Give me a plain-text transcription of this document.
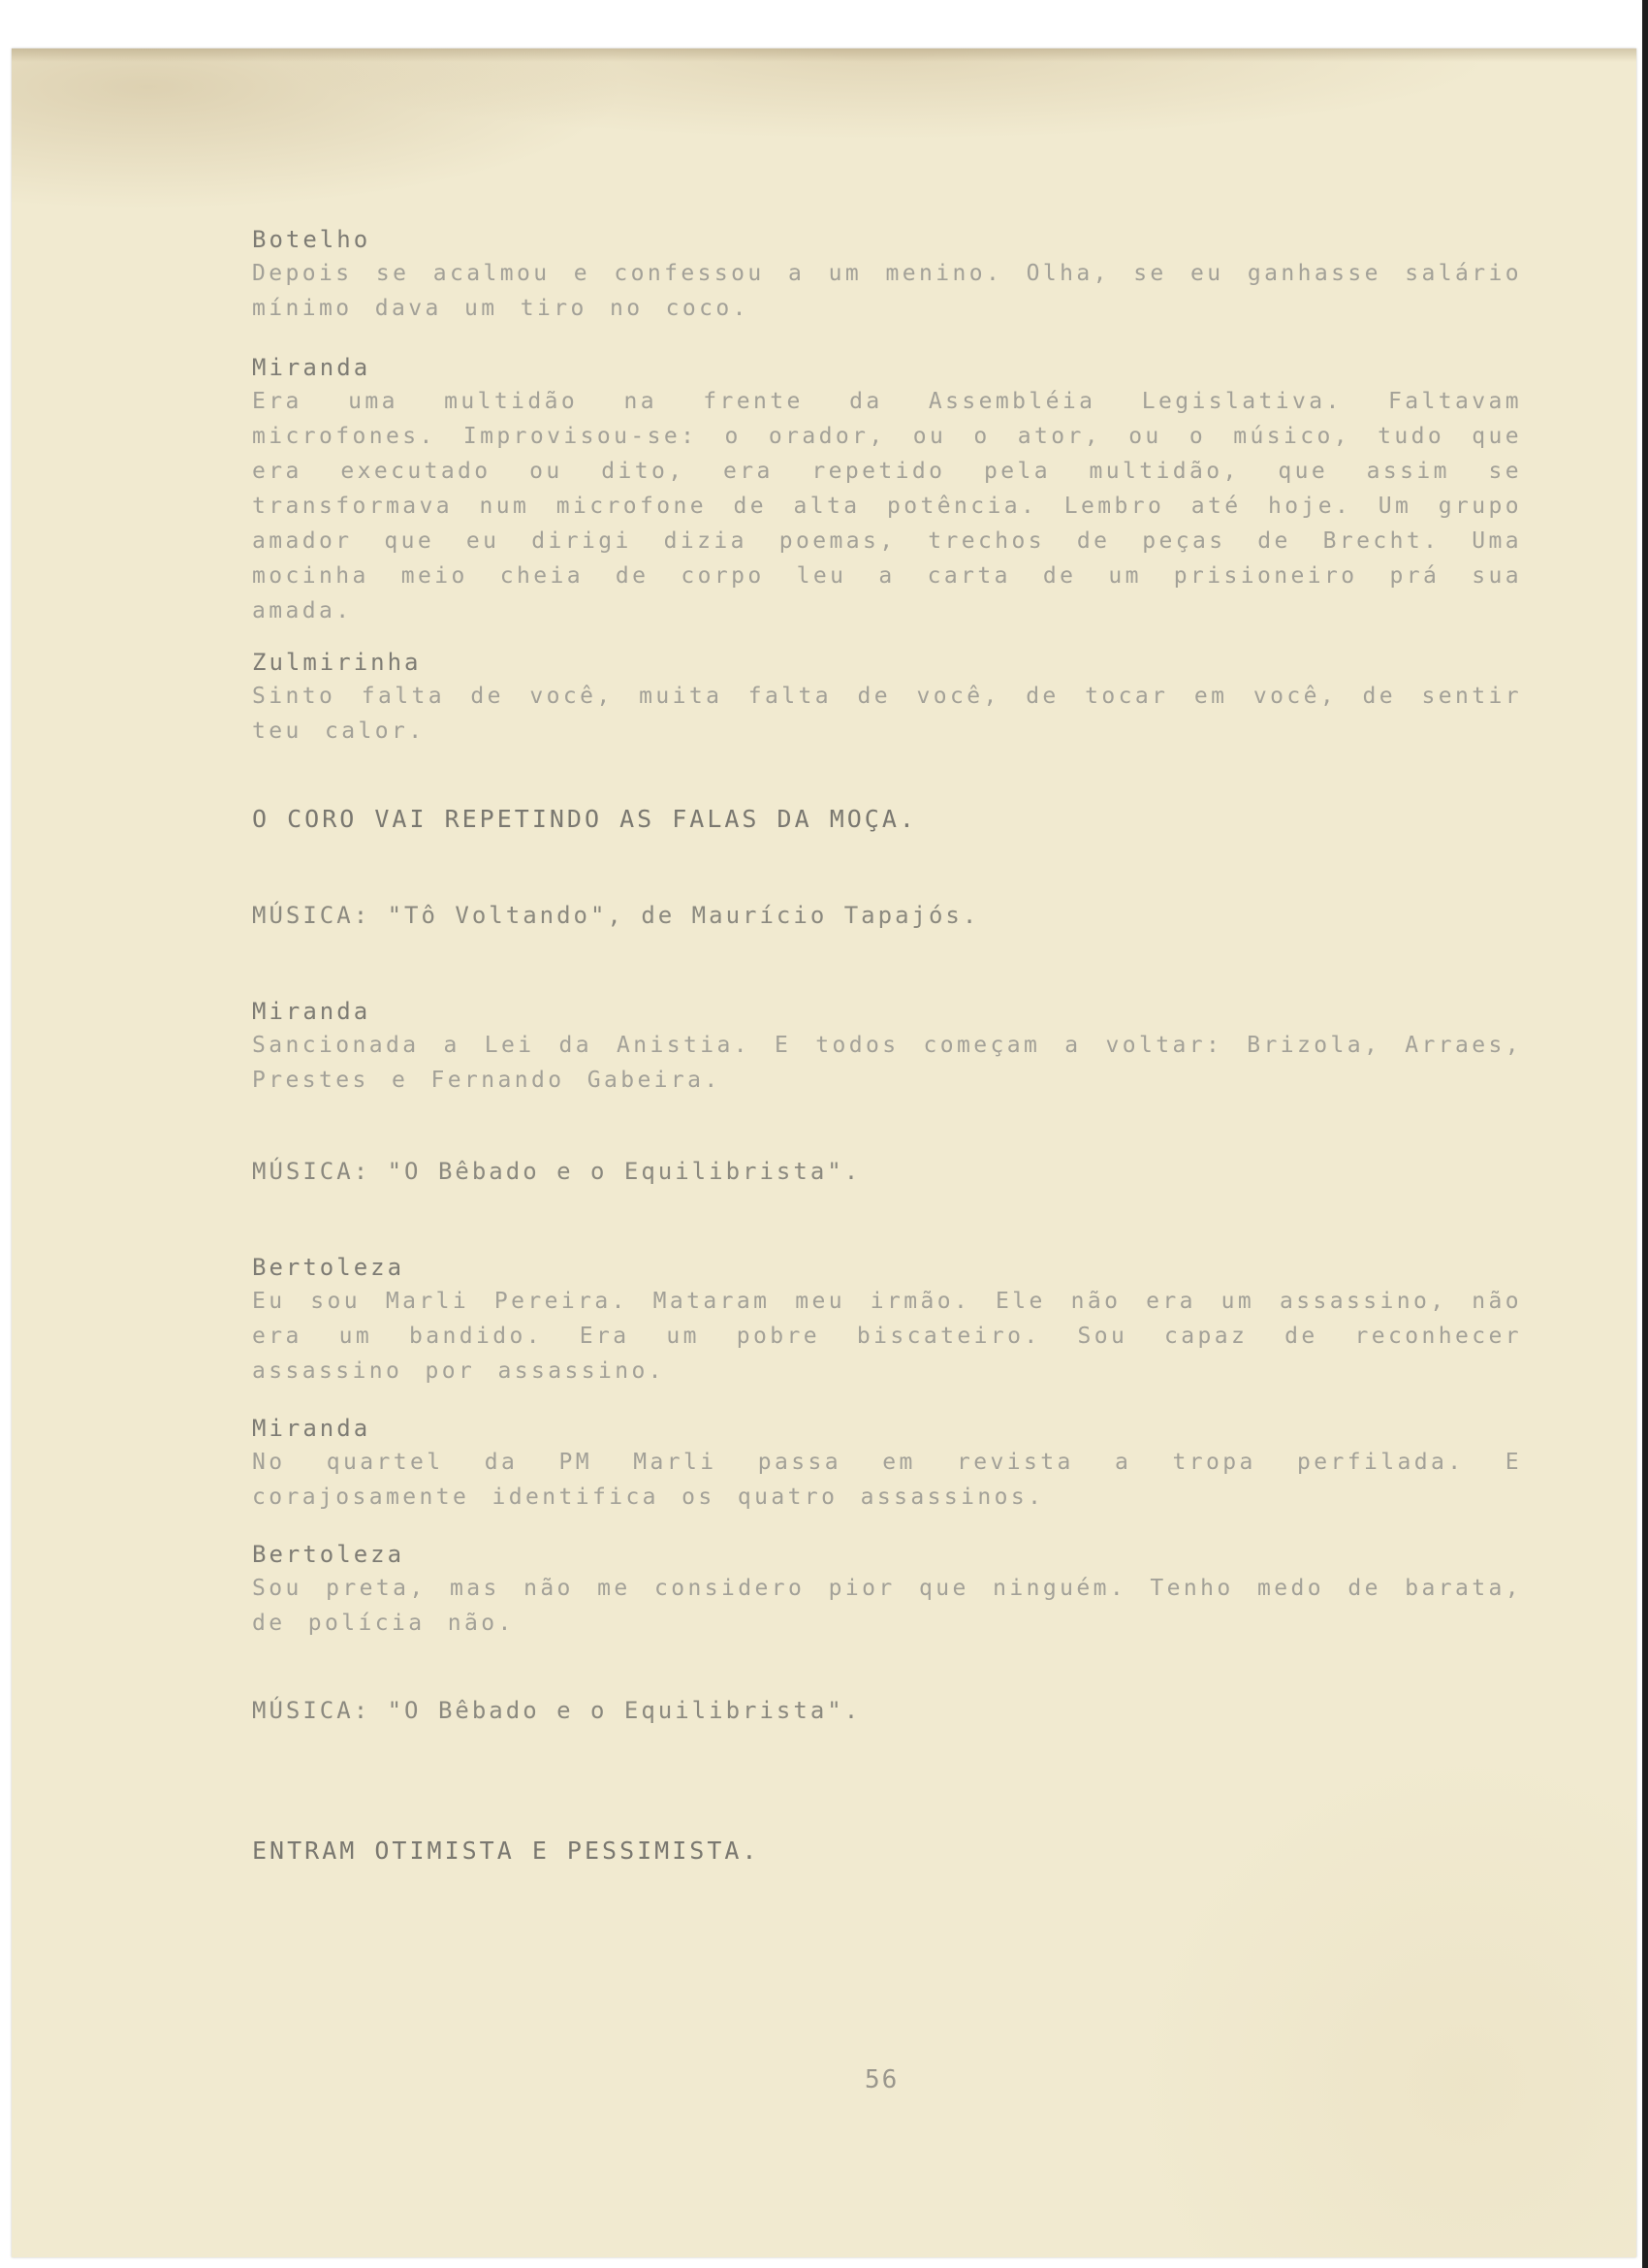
Botelho
Depois se acalmou e confessou a um menino. Olha, se eu ganhasse salário mínimo dava um tiro no coco.
Miranda
Era uma multidão na frente da Assembléia Legislativa. Faltavam microfones. Improvisou-se: o orador, ou o ator, ou o músico, tudo que era executado ou dito, era repetido pela multidão, que assim se transformava num microfone de alta potência. Lembro até hoje. Um grupo amador que eu dirigi dizia poemas, trechos de peças de Brecht. Uma mocinha meio cheia de corpo leu a carta de um prisioneiro prá sua amada.
Zulmirinha
Sinto falta de você, muita falta de você, de tocar em você, de sentir teu calor.
O CORO VAI REPETINDO AS FALAS DA MOÇA.
MÚSICA: "Tô Voltando", de Maurício Tapajós.
Miranda
Sancionada a Lei da Anistia. E todos começam a voltar: Brizola, Arraes, Prestes e Fernando Gabeira.
MÚSICA: "O Bêbado e o Equilibrista".
Bertoleza
Eu sou Marli Pereira. Mataram meu irmão. Ele não era um assassino, não era um bandido. Era um pobre biscateiro. Sou capaz de reconhecer assassino por assassino.
Miranda
No quartel da PM Marli passa em revista a tropa perfilada. E corajosamente identifica os quatro assassinos.
Bertoleza
Sou preta, mas não me considero pior que ninguém. Tenho medo de barata, de polícia não.
MÚSICA: "O Bêbado e o Equilibrista".
ENTRAM OTIMISTA E PESSIMISTA.
56
